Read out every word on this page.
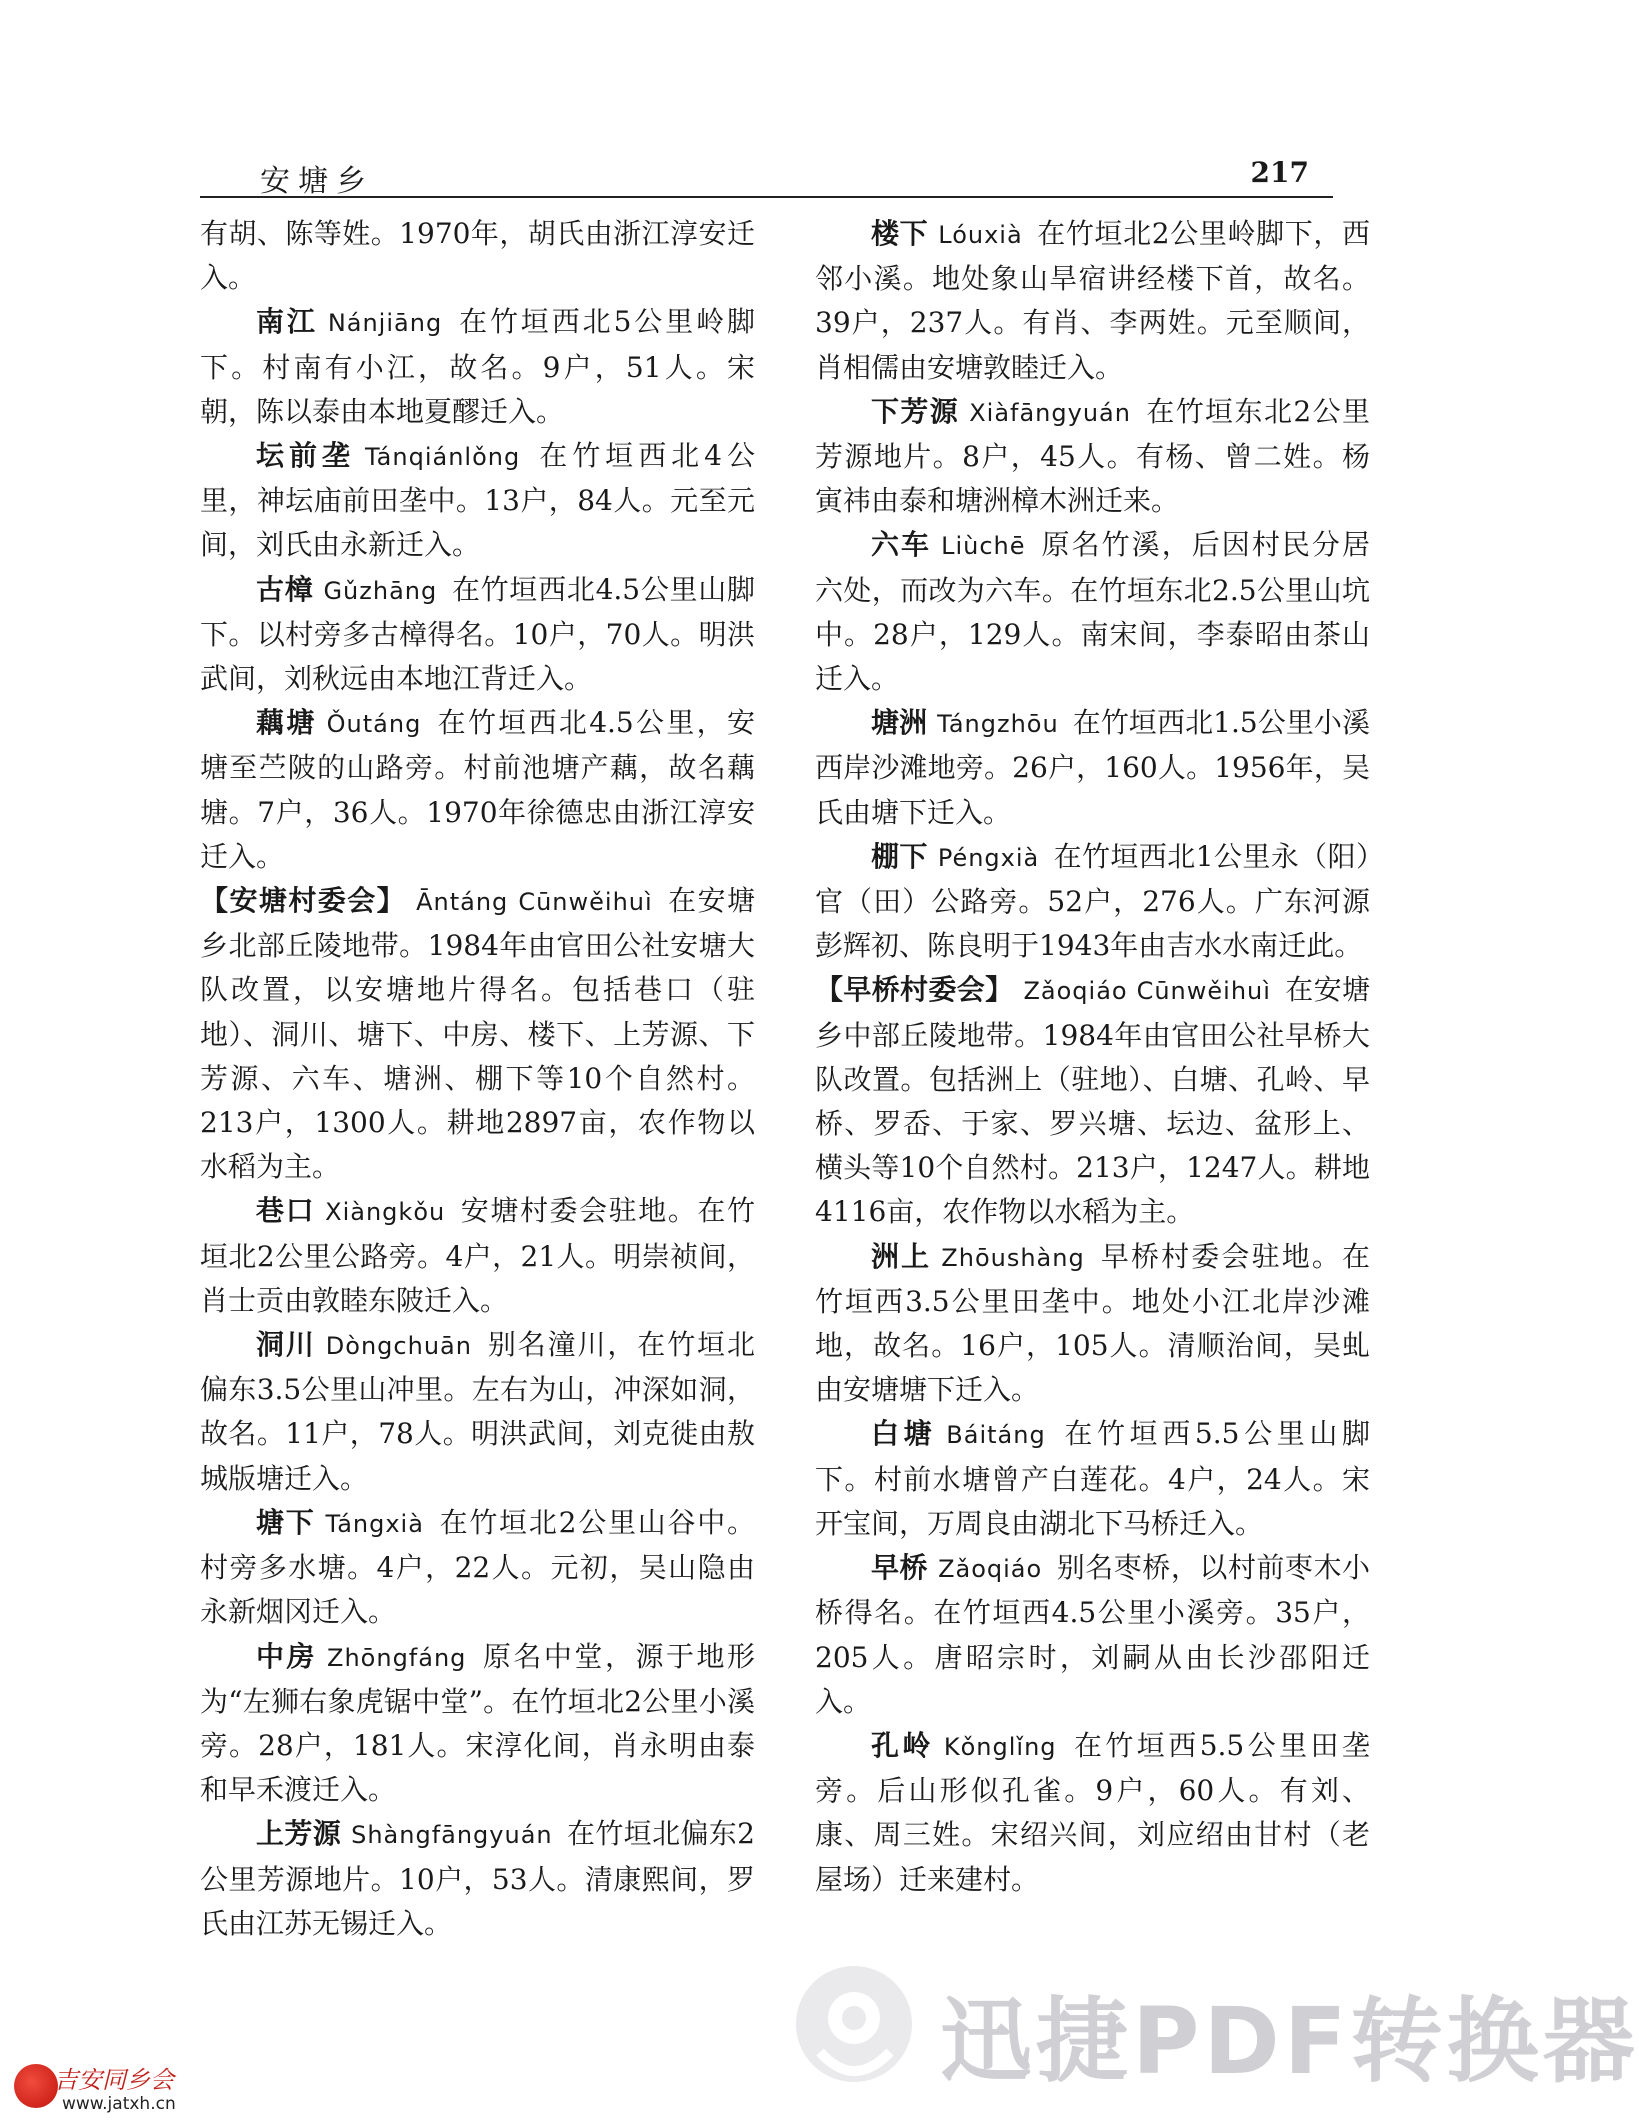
安塘乡	217

有胡、陈等姓。1970年，胡氏由浙江淳安迁入。

南江 Nánjiāng 在竹垣西北5公里岭脚下。村南有小江，故名。9户，51人。宋朝，陈以泰由本地夏醪迁入。

坛前垄 Tánqiánlǒng 在竹垣西北4公里，神坛庙前田垄中。13户，84人。元至元间，刘氏由永新迁入。

古樟 Gǔzhāng 在竹垣西北4.5公里山脚下。以村旁多古樟得名。10户，70人。明洪武间，刘秋远由本地江背迁入。

藕塘 Ǒutáng 在竹垣西北4.5公里，安塘至苎陂的山路旁。村前池塘产藕，故名藕塘。7户，36人。1970年徐德忠由浙江淳安迁入。

【安塘村委会】 Āntáng Cūnwěihuì 在安塘乡北部丘陵地带。1984年由官田公社安塘大队改置，以安塘地片得名。包括巷口（驻地）、洞川、塘下、中房、楼下、上芳源、下芳源、六车、塘洲、棚下等10个自然村。213户，1300人。耕地2897亩，农作物以水稻为主。

巷口 Xiàngkǒu 安塘村委会驻地。在竹垣北2公里公路旁。4户，21人。明崇祯间，肖士贡由敦睦东陂迁入。

洞川 Dòngchuān 别名潼川，在竹垣北偏东3.5公里山冲里。左右为山，冲深如洞，故名。11户，78人。明洪武间，刘克徙由敖城版塘迁入。

塘下 Tángxià 在竹垣北2公里山谷中。村旁多水塘。4户，22人。元初，吴山隐由永新烟冈迁入。

中房 Zhōngfáng 原名中堂，源于地形为“左狮右象虎锯中堂”。在竹垣北2公里小溪旁。28户，181人。宋淳化间，肖永明由泰和早禾渡迁入。

上芳源 Shàngfāngyuán 在竹垣北偏东2公里芳源地片。10户，53人。清康熙间，罗氏由江苏无锡迁入。

楼下 Lóuxià 在竹垣北2公里岭脚下，西邻小溪。地处象山旱宿讲经楼下首，故名。39户，237人。有肖、李两姓。元至顺间，肖相儒由安塘敦睦迁入。

下芳源 Xiàfāngyuán 在竹垣东北2公里芳源地片。8户，45人。有杨、曾二姓。杨寅祎由泰和塘洲樟木洲迁来。

六车 Liùchē 原名竹溪，后因村民分居六处，而改为六车。在竹垣东北2.5公里山坑中。28户，129人。南宋间，李泰昭由茶山迁入。

塘洲 Tángzhōu 在竹垣西北1.5公里小溪西岸沙滩地旁。26户，160人。1956年，吴氏由塘下迁入。

棚下 Péngxià 在竹垣西北1公里永（阳）官（田）公路旁。52户，276人。广东河源彭辉初、陈良明于1943年由吉水水南迁此。

【早桥村委会】 Zǎoqiáo Cūnwěihuì 在安塘乡中部丘陵地带。1984年由官田公社早桥大队改置。包括洲上（驻地）、白塘、孔岭、早桥、罗岙、于家、罗兴塘、坛边、盆形上、横头等10个自然村。213户，1247人。耕地4116亩，农作物以水稻为主。

洲上 Zhōushàng 早桥村委会驻地。在竹垣西3.5公里田垄中。地处小江北岸沙滩地，故名。16户，105人。清顺治间，吴虬由安塘塘下迁入。

白塘 Báitáng 在竹垣西5.5公里山脚下。村前水塘曾产白莲花。4户，24人。宋开宝间，万周良由湖北下马桥迁入。

早桥 Zǎoqiáo 别名枣桥，以村前枣木小桥得名。在竹垣西4.5公里小溪旁。35户，205人。唐昭宗时，刘嗣从由长沙邵阳迁入。

孔岭 Kǒnglǐng 在竹垣西5.5公里田垄旁。后山形似孔雀。9户，60人。有刘、康、周三姓。宋绍兴间，刘应绍由甘村（老屋场）迁来建村。

吉安同乡会
www.jatxh.cn
迅捷PDF转换器
